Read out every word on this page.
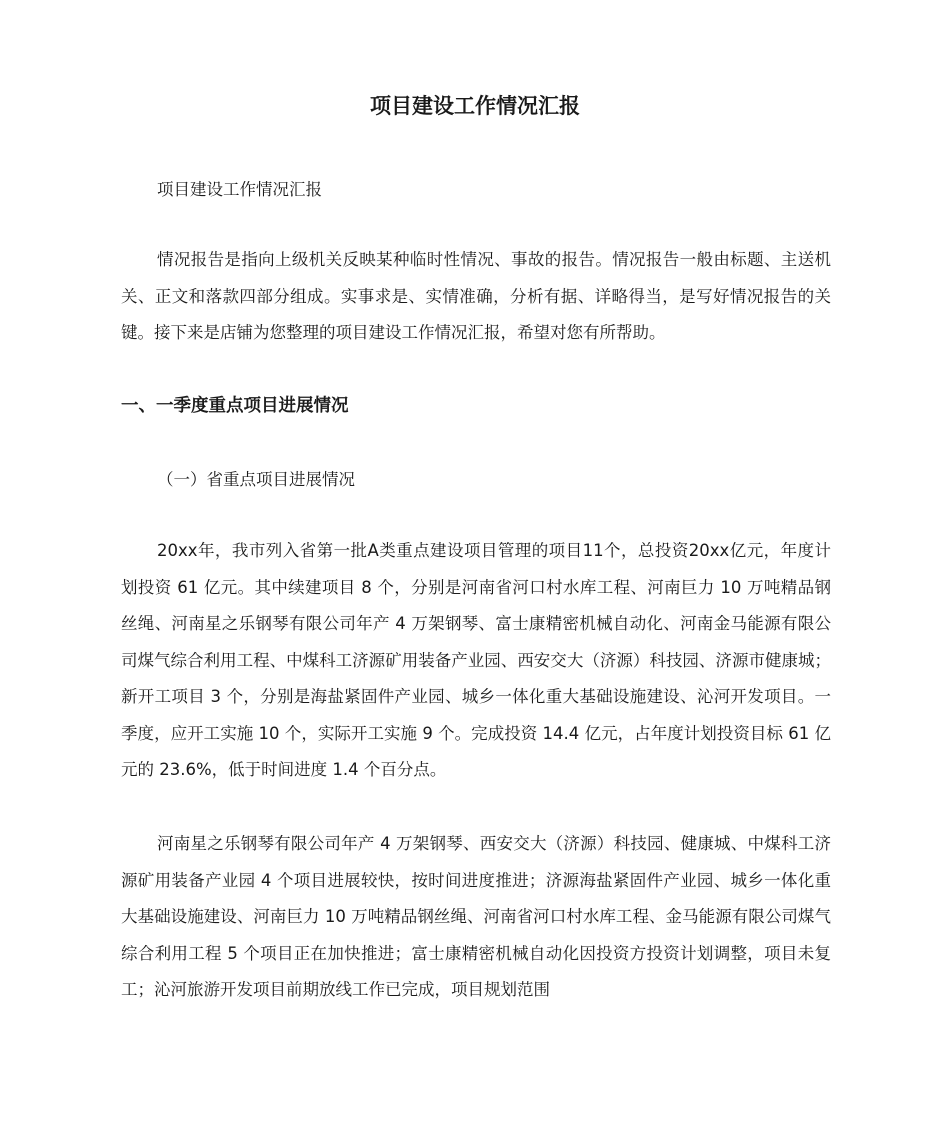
项目建设工作情况汇报
项目建设工作情况汇报

情况报告是指向上级机关反映某种临时性情况、事故的报告。情况报告一般由标题、主送机关、正文和落款四部分组成。实事求是、实情准确，分析有据、详略得当，是写好情况报告的关键。接下来是店铺为您整理的项目建设工作情况汇报，希望对您有所帮助。

一、一季度重点项目进展情况
（一）省重点项目进展情况

20xx年，我市列入省第一批A类重点建设项目管理的项目11个，总投资20xx亿元，年度计划投资 61 亿元。其中续建项目 8 个，分别是河南省河口村水库工程、河南巨力 10 万吨精品钢丝绳、河南星之乐钢琴有限公司年产 4 万架钢琴、富士康精密机械自动化、河南金马能源有限公司煤气综合利用工程、中煤科工济源矿用装备产业园、西安交大（济源）科技园、济源市健康城；新开工项目 3 个，分别是海盐紧固件产业园、城乡一体化重大基础设施建设、沁河开发项目。一季度，应开工实施 10 个，实际开工实施 9 个。完成投资 14.4 亿元，占年度计划投资目标 61 亿元的 23.6%，低于时间进度 1.4 个百分点。

河南星之乐钢琴有限公司年产 4 万架钢琴、西安交大（济源）科技园、健康城、中煤科工济源矿用装备产业园 4 个项目进展较快，按时间进度推进；济源海盐紧固件产业园、城乡一体化重大基础设施建设、河南巨力 10 万吨精品钢丝绳、河南省河口村水库工程、金马能源有限公司煤气综合利用工程 5 个项目正在加快推进；富士康精密机械自动化因投资方投资计划调整，项目未复工；沁河旅游开发项目前期放线工作已完成，项目规划范围
